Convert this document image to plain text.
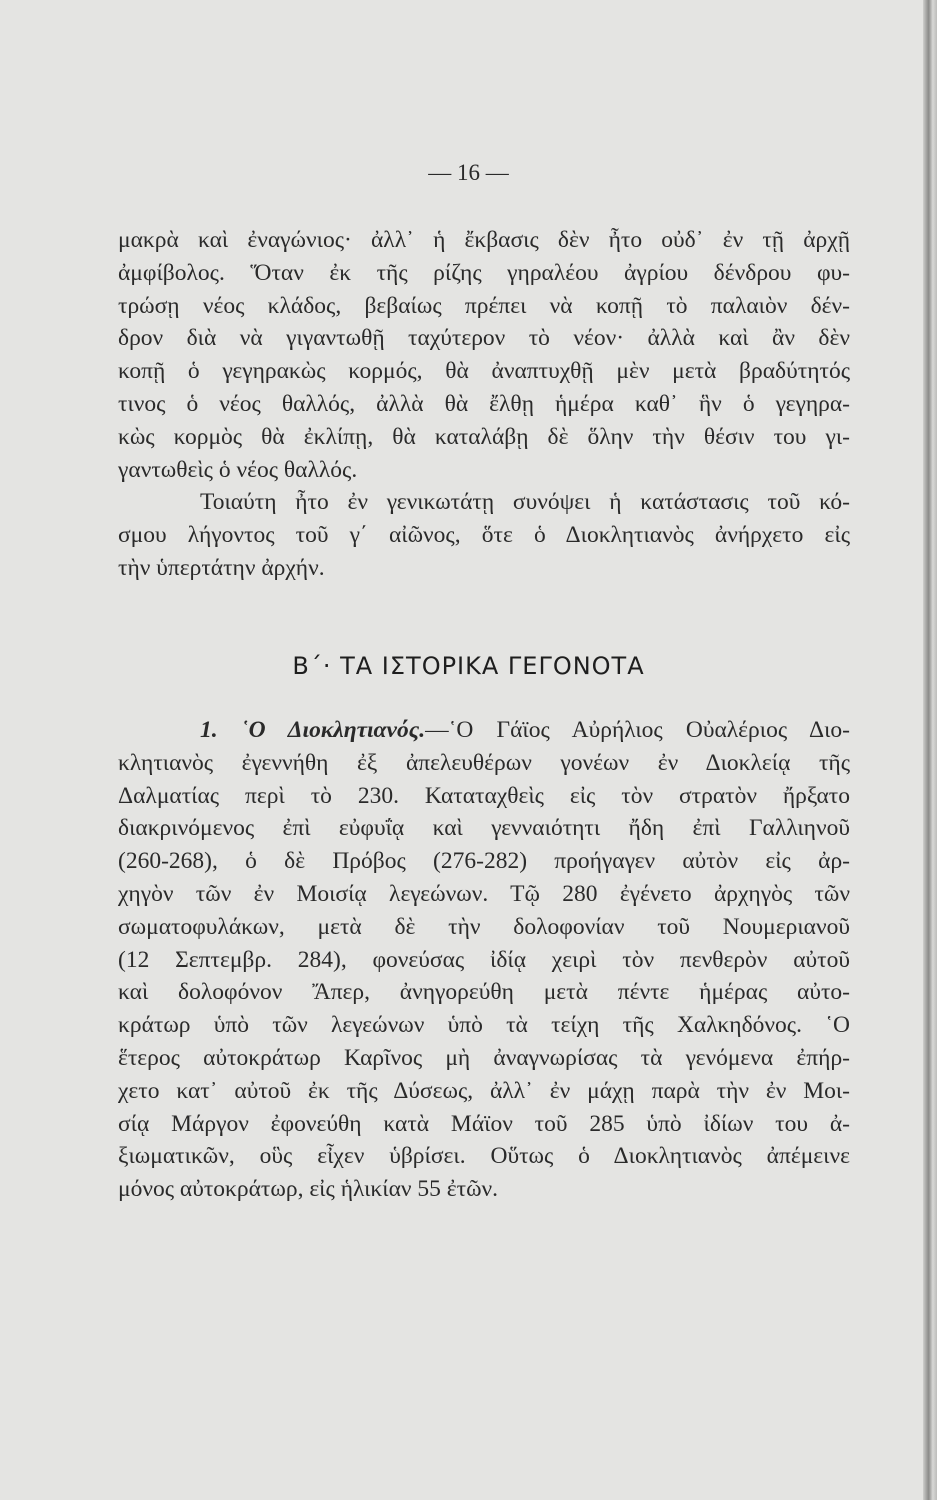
— 16 —
μακρὰ καὶ ἐναγώνιος· ἀλλ᾽ ἡ ἔκβασις δὲν ἦτο οὐδ᾽ ἐν τῇ ἀρχῇ
ἀμφίβολος. Ὅταν ἐκ τῆς ρίζης γηραλέου ἀγρίου δένδρου φυ-
τρώσῃ νέος κλάδος, βεβαίως πρέπει νὰ κοπῇ τὸ παλαιὸν δέν-
δρον διὰ νὰ γιγαντωθῇ ταχύτερον τὸ νέον· ἀλλὰ καὶ ἂν δὲν
κοπῇ ὁ γεγηρακὼς κορμός, θὰ ἀναπτυχθῇ μὲν μετὰ βραδύτητός
τινος ὁ νέος θαλλός, ἀλλὰ θὰ ἔλθῃ ἡμέρα καθ᾽ ἣν ὁ γεγηρα-
κὼς κορμὸς θὰ ἐκλίπῃ, θὰ καταλάβῃ δὲ ὅλην τὴν θέσιν του γι-
γαντωθεὶς ὁ νέος θαλλός.
Τοιαύτη ἦτο ἐν γενικωτάτῃ συνόψει ἡ κατάστασις τοῦ κό-
σμου λήγοντος τοῦ γ΄ αἰῶνος, ὅτε ὁ Διοκλητιανὸς ἀνήρχετο εἰς
τὴν ὑπερτάτην ἀρχήν.
Β΄· ΤΑ ΙΣΤΟΡΙΚΑ ΓΕΓΟΝΟΤΑ
1. ῾Ο Διοκλητιανός.—῾Ο Γάϊος Αὐρήλιος Οὐαλέριος Διο-
κλητιανὸς ἐγεννήθη ἐξ ἀπελευθέρων γονέων ἐν Διοκλείᾳ τῆς
Δαλματίας περὶ τὸ 230. Καταταχθεὶς εἰς τὸν στρατὸν ἤρξατο
διακρινόμενος ἐπὶ εὐφυΐᾳ καὶ γενναιότητι ἤδη ἐπὶ Γαλλιηνοῦ
(260-268), ὁ δὲ Πρόβος (276-282) προήγαγεν αὐτὸν εἰς ἀρ-
χηγὸν τῶν ἐν Μοισίᾳ λεγεώνων. Τῷ 280 ἐγένετο ἀρχηγὸς τῶν
σωματοφυλάκων, μετὰ δὲ τὴν δολοφονίαν τοῦ Νουμεριανοῦ
(12 Σεπτεμβρ. 284), φονεύσας ἰδίᾳ χειρὶ τὸν πενθερὸν αὐτοῦ
καὶ δολοφόνον Ἄπερ, ἀνηγορεύθη μετὰ πέντε ἡμέρας αὐτο-
κράτωρ ὑπὸ τῶν λεγεώνων ὑπὸ τὰ τείχη τῆς Χαλκηδόνος. ῾Ο
ἕτερος αὐτοκράτωρ Καρῖνος μὴ ἀναγνωρίσας τὰ γενόμενα ἐπήρ-
χετο κατ᾽ αὐτοῦ ἐκ τῆς Δύσεως, ἀλλ᾽ ἐν μάχῃ παρὰ τὴν ἐν Μοι-
σίᾳ Μάργον ἐφονεύθη κατὰ Μάϊον τοῦ 285 ὑπὸ ἰδίων του ἀ-
ξιωματικῶν, οὓς εἶχεν ὑβρίσει. Οὕτως ὁ Διοκλητιανὸς ἀπέμεινε
μόνος αὐτοκράτωρ, εἰς ἡλικίαν 55 ἐτῶν.
